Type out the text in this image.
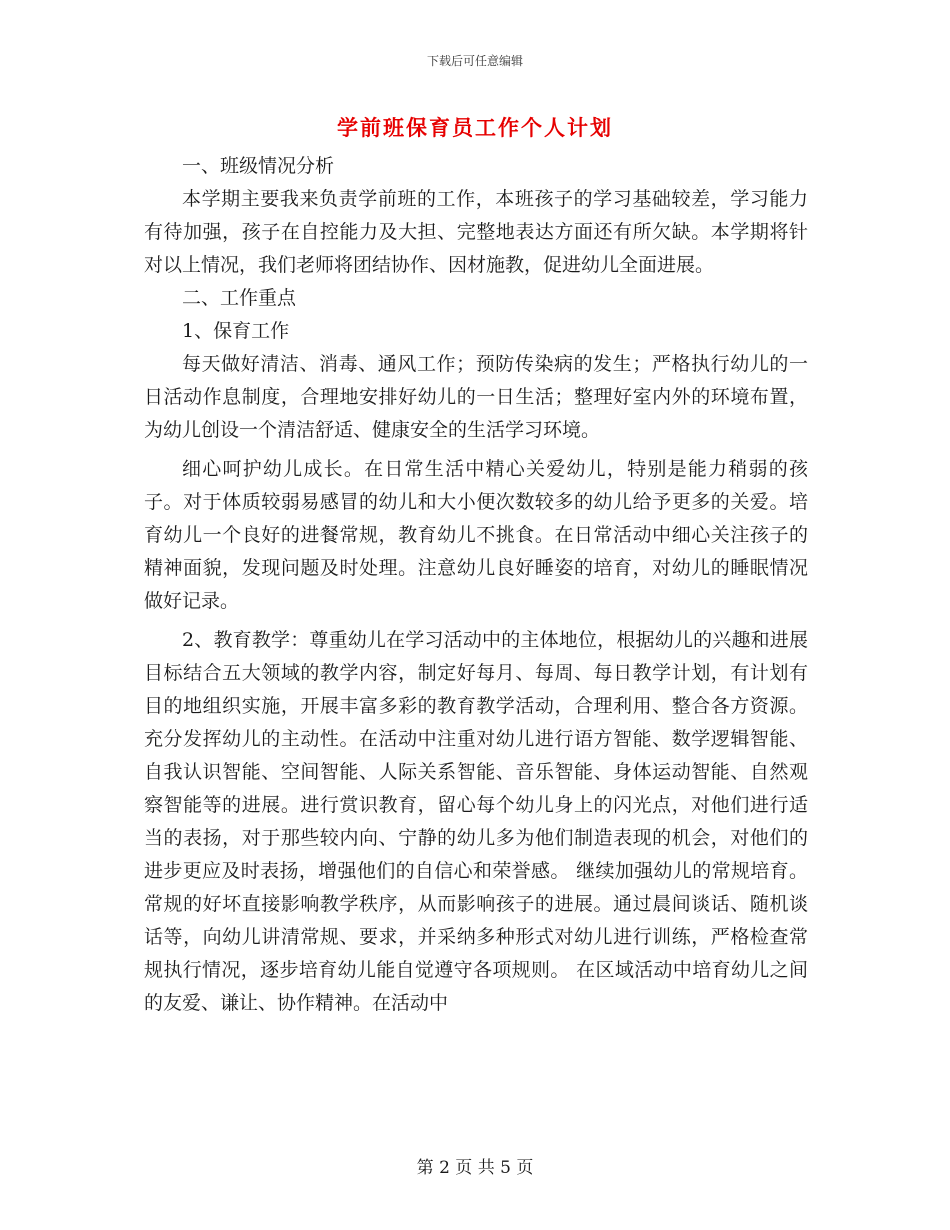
下载后可任意编辑

学前班保育员工作个人计划

一、班级情况分析

本学期主要我来负责学前班的工作，本班孩子的学习基础较差，学习能力有待加强，孩子在自控能力及大担、完整地表达方面还有所欠缺。本学期将针对以上情况，我们老师将团结协作、因材施教，促进幼儿全面进展。

二、工作重点

1、保育工作

每天做好清洁、消毒、通风工作；预防传染病的发生；严格执行幼儿的一日活动作息制度，合理地安排好幼儿的一日生活；整理好室内外的环境布置，为幼儿创设一个清洁舒适、健康安全的生活学习环境。

细心呵护幼儿成长。在日常生活中精心关爱幼儿，特别是能力稍弱的孩子。对于体质较弱易感冒的幼儿和大小便次数较多的幼儿给予更多的关爱。培育幼儿一个良好的进餐常规，教育幼儿不挑食。在日常活动中细心关注孩子的精神面貌，发现问题及时处理。注意幼儿良好睡姿的培育，对幼儿的睡眠情况做好记录。

2、教育教学：尊重幼儿在学习活动中的主体地位，根据幼儿的兴趣和进展目标结合五大领域的教学内容，制定好每月、每周、每日教学计划，有计划有目的地组织实施，开展丰富多彩的教育教学活动，合理利用、整合各方资源。充分发挥幼儿的主动性。在活动中注重对幼儿进行语方智能、数学逻辑智能、自我认识智能、空间智能、人际关系智能、音乐智能、身体运动智能、自然观察智能等的进展。进行赏识教育，留心每个幼儿身上的闪光点，对他们进行适当的表扬，对于那些较内向、宁静的幼儿多为他们制造表现的机会，对他们的进步更应及时表扬，增强他们的自信心和荣誉感。 继续加强幼儿的常规培育。常规的好坏直接影响教学秩序，从而影响孩子的进展。通过晨间谈话、随机谈话等，向幼儿讲清常规、要求，并采纳多种形式对幼儿进行训练，严格检查常规执行情况，逐步培育幼儿能自觉遵守各项规则。 在区域活动中培育幼儿之间的友爱、谦让、协作精神。在活动中

第 2 页 共 5 页
